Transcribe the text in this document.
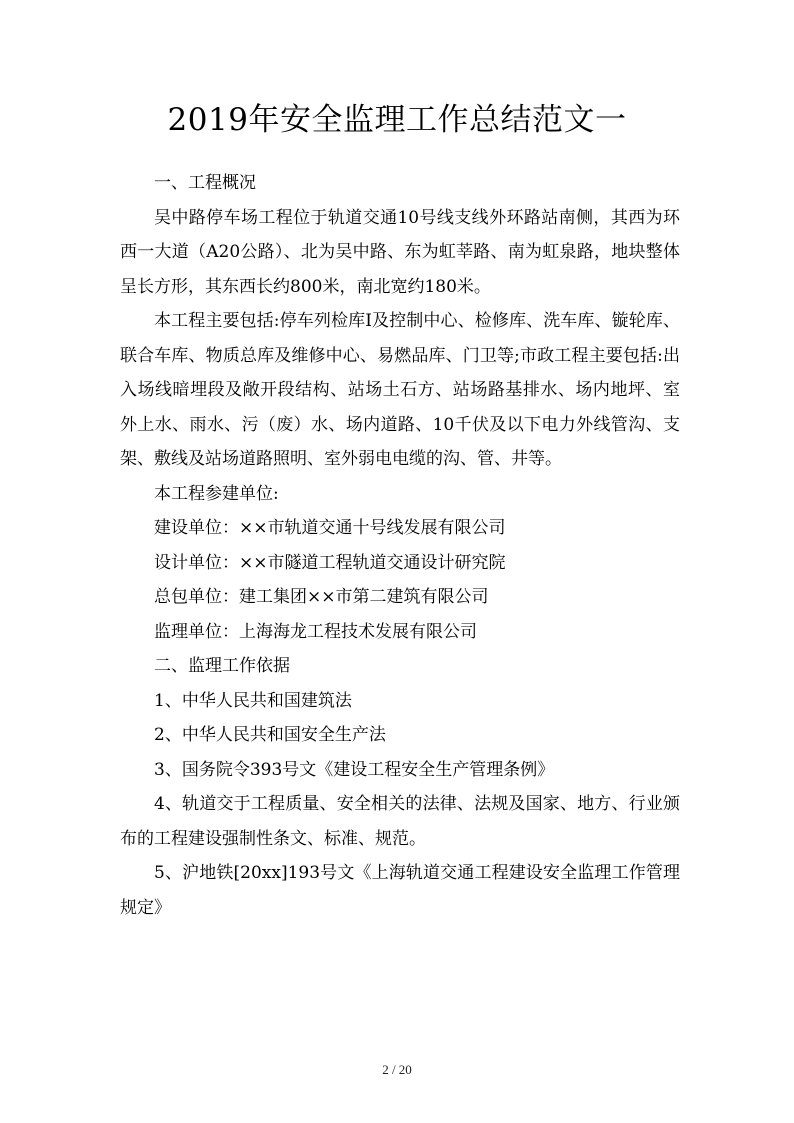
2019年安全监理工作总结范文一

一、工程概况

吴中路停车场工程位于轨道交通10号线支线外环路站南侧，其西为环西一大道（A20公路）、北为吴中路、东为虹莘路、南为虹泉路，地块整体呈长方形，其东西长约800米，南北宽约180米。

本工程主要包括:停车列检库Ⅰ及控制中心、检修库、洗车库、镟轮库、联合车库、物质总库及维修中心、易燃品库、门卫等;市政工程主要包括:出入场线暗埋段及敞开段结构、站场土石方、站场路基排水、场内地坪、室外上水、雨水、污（废）水、场内道路、10千伏及以下电力外线管沟、支架、敷线及站场道路照明、室外弱电电缆的沟、管、井等。

本工程参建单位:

建设单位：××市轨道交通十号线发展有限公司

设计单位：××市隧道工程轨道交通设计研究院

总包单位：建工集团××市第二建筑有限公司

监理单位：上海海龙工程技术发展有限公司

二、监理工作依据

1、中华人民共和国建筑法

2、中华人民共和国安全生产法

3、国务院令393号文《建设工程安全生产管理条例》

4、轨道交于工程质量、安全相关的法律、法规及国家、地方、行业颁布的工程建设强制性条文、标准、规范。

5、沪地铁[20xx]193号文《上海轨道交通工程建设安全监理工作管理规定》

2 / 20
